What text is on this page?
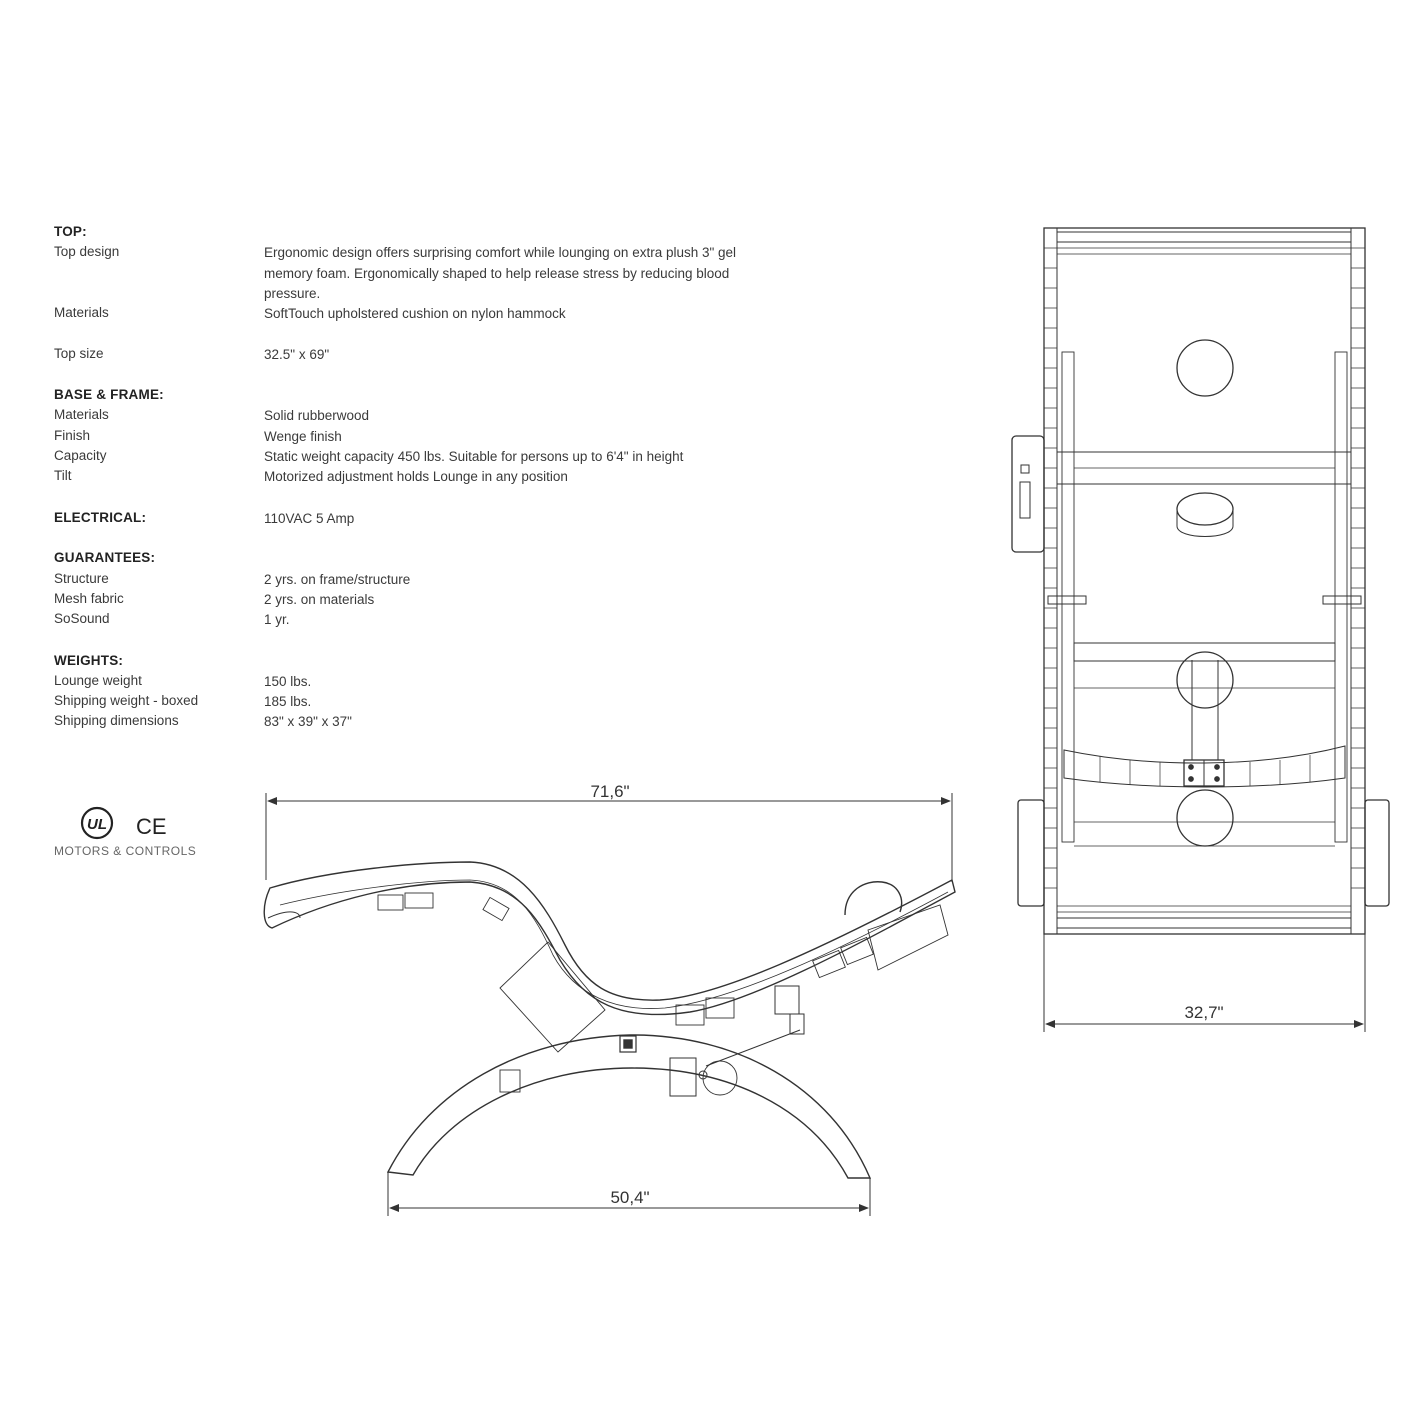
TOP:
Top design	Ergonomic design offers surprising comfort while lounging on extra plush 3" gel memory foam. Ergonomically shaped to help release stress by reducing blood pressure.
Materials	SoftTouch upholstered cushion on nylon hammock
Top size	32.5" x 69"
BASE & FRAME:
Materials	Solid rubberwood
Finish	Wenge finish
Capacity	Static weight capacity 450 lbs. Suitable for persons up to 6'4" in height
Tilt	Motorized adjustment holds Lounge in any position
ELECTRICAL:	110VAC 5 Amp
GUARANTEES:
Structure	2 yrs. on frame/structure
Mesh fabric	2 yrs. on materials
SoSound	1 yr.
WEIGHTS:
Lounge weight	150 lbs.
Shipping weight - boxed	185 lbs.
Shipping dimensions	83" x 39" x 37"
UL CE
MOTORS & CONTROLS
71,6"
50,4"
32,7"
